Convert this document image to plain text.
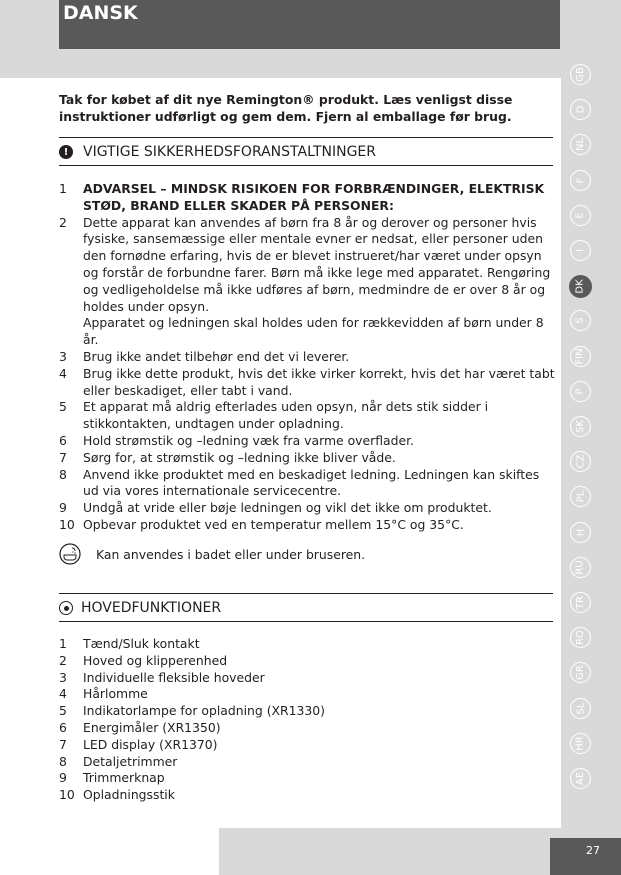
DANSK
GB
D
NL
F
E
I
DK
S
FIN
P
SK
CZ
PL
H
RU
TR
RO
GR
SL
HR
AE
27

Tak for købet af dit nye Remington® produkt. Læs venligst disse instruktioner udførligt og gem dem. Fjern al emballage før brug.

!	VIGTIGE SIKKERHEDSFORANSTALTNINGER
1	ADVARSEL – MINDSK RISIKOEN FOR FORBRÆNDINGER, ELEKTRISK STØD, BRAND ELLER SKADER PÅ PERSONER:
2	Dette apparat kan anvendes af børn fra 8 år og derover og personer hvis fysiske, sansemæssige eller mentale evner er nedsat, eller personer uden den fornødne erfaring, hvis de er blevet instrueret/har været under opsyn og forstår de forbundne farer. Børn må ikke lege med apparatet. Rengøring og vedligeholdelse må ikke udføres af børn, medmindre de er over 8 år og holdes under opsyn.
Apparatet og ledningen skal holdes uden for rækkevidden af børn under 8 år.
3	Brug ikke andet tilbehør end det vi leverer.
4	Brug ikke dette produkt, hvis det ikke virker korrekt, hvis det har været tabt eller beskadiget, eller tabt i vand.
5	Et apparat må aldrig efterlades uden opsyn, når dets stik sidder i stikkontakten, undtagen under opladning.
6	Hold strømstik og –ledning væk fra varme overflader.
7	Sørg for, at strømstik og –ledning ikke bliver våde.
8	Anvend ikke produktet med en beskadiget ledning. Ledningen kan skiftes ud via vores internationale servicecentre.
9	Undgå at vride eller bøje ledningen og vikl det ikke om produktet.
10 Opbevar produktet ved en temperatur mellem 15°C og 35°C.
Kan anvendes i badet eller under bruseren.
HOVEDFUNKTIONER
1	Tænd/Sluk kontakt
2	Hoved og klipperenhed
3	Individuelle fleksible hoveder
4	Hårlomme
5	Indikatorlampe for opladning (XR1330)
6	Energimåler (XR1350)
7	LED display (XR1370)
8	Detaljetrimmer
9	Trimmerknap
10 Opladningsstik
